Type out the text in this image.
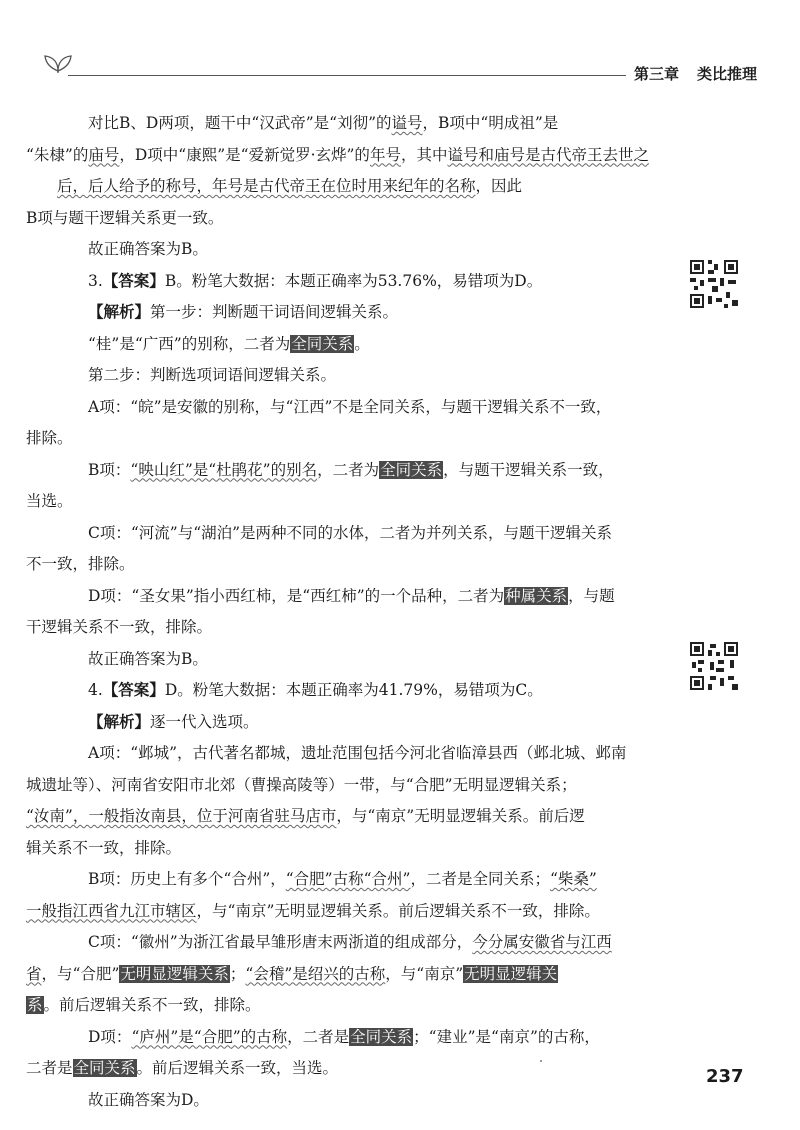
第三章 类比推理

对比B、D两项，题干中“汉武帝”是“刘彻”的谥号，B项中“明成祖”是
“朱棣”的庙号，D项中“康熙”是“爱新觉罗·玄烨”的年号，其中谥号和庙号是古代帝王去世之后，后人给予的称号，年号是古代帝王在位时用来纪年的名称，因此
B项与题干逻辑关系更一致。

故正确答案为B。

3.【答案】B。粉笔大数据：本题正确率为53.76%，易错项为D。

【解析】第一步：判断题干词语间逻辑关系。

“桂”是“广西”的别称，二者为全同关系。

第二步：判断选项词语间逻辑关系。

A项：“皖”是安徽的别称，与“江西”不是全同关系，与题干逻辑关系不一致，
排除。

B项：“映山红”是“杜鹃花”的别名，二者为全同关系，与题干逻辑关系一致，
当选。

C项：“河流”与“湖泊”是两种不同的水体，二者为并列关系，与题干逻辑关系
不一致，排除。

D项：“圣女果”指小西红柿，是“西红柿”的一个品种，二者为种属关系，与题
干逻辑关系不一致，排除。

故正确答案为B。

4.【答案】D。粉笔大数据：本题正确率为41.79%，易错项为C。

【解析】逐一代入选项。

A项：“邺城”，古代著名都城，遗址范围包括今河北省临漳县西（邺北城、邺南
城遗址等）、河南省安阳市北郊（曹操高陵等）一带，与“合肥”无明显逻辑关系；
“汝南”，一般指汝南县，位于河南省驻马店市，与“南京”无明显逻辑关系。前后逻
辑关系不一致，排除。

B项：历史上有多个“合州”，“合肥”古称“合州”，二者是全同关系；“柴桑”
一般指江西省九江市辖区，与“南京”无明显逻辑关系。前后逻辑关系不一致，排除。

C项：“徽州”为浙江省最早雏形唐末两浙道的组成部分，今分属安徽省与江西
省，与“合肥”无明显逻辑关系；“会稽”是绍兴的古称，与“南京”无明显逻辑关
系。前后逻辑关系不一致，排除。

D项：“庐州”是“合肥”的古称，二者是全同关系；“建业”是“南京”的古称，
二者是全同关系。前后逻辑关系一致，当选。

故正确答案为D。

237
